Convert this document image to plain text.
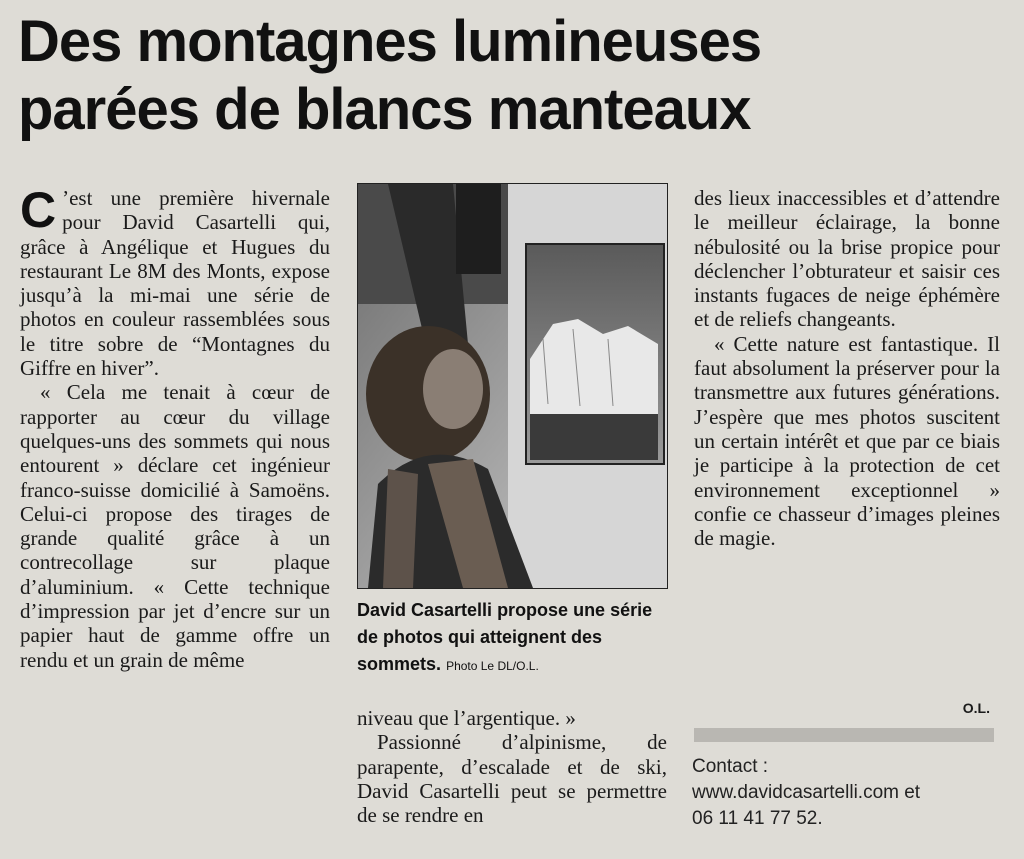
Des montagnes lumineuses
parées de blancs manteaux

C ’est une première hivernale pour David Casartelli qui, grâce à Angélique et Hugues du restaurant Le 8M des Monts, expose jusqu’à la mi-mai une série de photos en couleur rassemblées sous le titre sobre de “Montagnes du Giffre en hiver”.

« Cela me tenait à cœur de rapporter au cœur du village quelques-uns des sommets qui nous entourent » déclare cet ingénieur franco-suisse domicilié à Samoëns. Celui-ci propose des tirages de grande qualité grâce à un contrecollage sur plaque d’aluminium. « Cette technique d’impression par jet d’encre sur un papier haut de gamme offre un rendu et un grain de même

David Casartelli propose une série de photos qui atteignent des sommets. Photo Le DL/O.L.

niveau que l’argentique. »

Passionné d’alpinisme, de parapente, d’escalade et de ski, David Casartelli peut se permettre de se rendre en

des lieux inaccessibles et d’attendre le meilleur éclairage, la bonne nébulosité ou la brise propice pour déclencher l’obturateur et saisir ces instants fugaces de neige éphémère et de reliefs changeants.

« Cette nature est fantastique. Il faut absolument la préserver pour la transmettre aux futures générations. J’espère que mes photos suscitent un certain intérêt et que par ce biais je participe à la protection de cet environnement exceptionnel » confie ce chasseur d’images pleines de magie.

O.L.
Contact :
www.davidcasartelli.com et
06 11 41 77 52.
